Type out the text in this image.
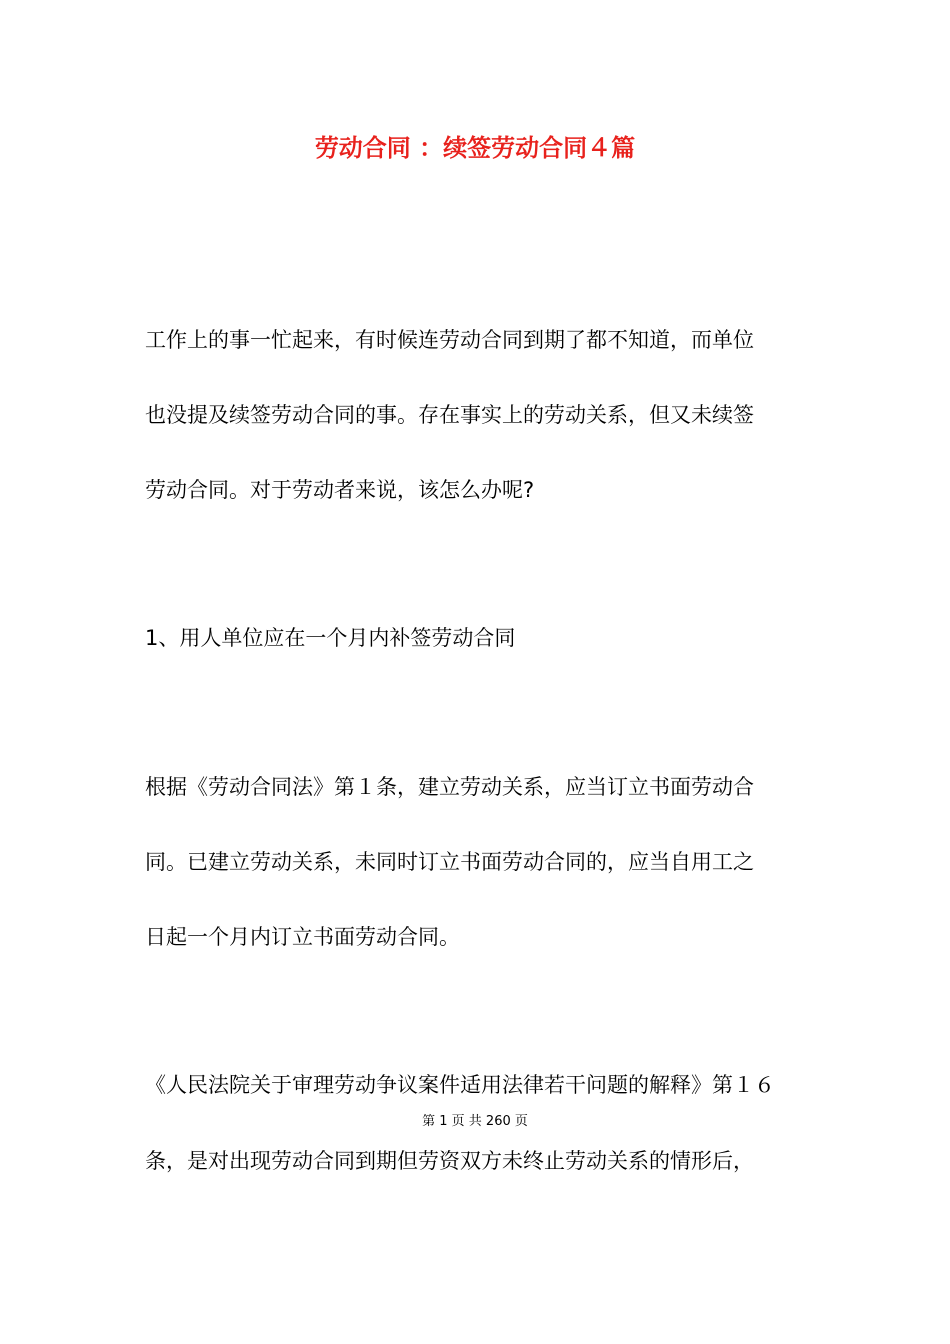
劳动合同 ：续签劳动合同４篇
工作上的事一忙起来，有时候连劳动合同到期了都不知道，而单位
也没提及续签劳动合同的事。存在事实上的劳动关系，但又未续签
劳动合同。对于劳动者来说，该怎么办呢?
1、用人单位应在一个月内补签劳动合同
根据《劳动合同法》第１条，建立劳动关系，应当订立书面劳动合
同。已建立劳动关系，未同时订立书面劳动合同的，应当自用工之
日起一个月内订立书面劳动合同。
《人民法院关于审理劳动争议案件适用法律若干问题的解释》第１６
第 1 页 共 260 页
条，是对出现劳动合同到期但劳资双方未终止劳动关系的情形后，
